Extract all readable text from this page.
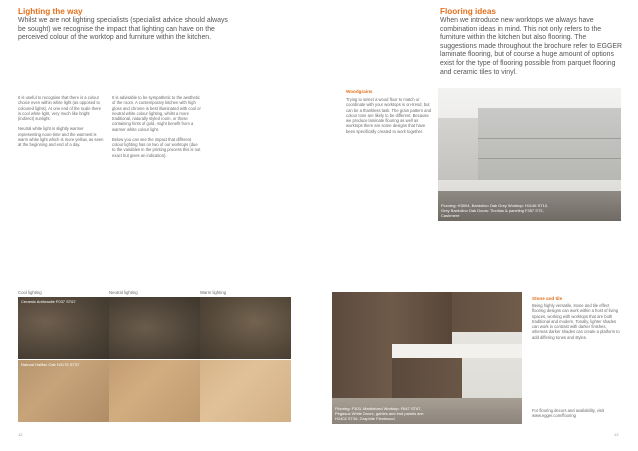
Lighting the way
Whilst we are not lighting specialists (specialist advice should always be sought) we recognise the impact that lighting can have on the perceived colour of the worktop and furniture within the kitchen.

It is useful to recognise that there is a colour choice even within white light (as opposed to coloured lights). At one end of the scale there is cool white light, very much like bright (indirect) sunlight.

Neutral white light is slightly warmer representing noon-time and the warmest is warm white light which is more yellow, as seen at the beginning and end of a day.

It is advisable to be sympathetic to the aesthetic of the room. A contemporary kitchen with high gloss and chrome is best illuminated with cool or neutral white colour lighting, whilst a more traditional, naturally styled room, or those containing hints of gold, might benefit from a warmer white colour light.

Below you can see the impact that different colour lighting has on two of our worktops (due to the variables in the printing process this is not exact but gives an indication).

Woodgrains
Trying to select a wood floor to match or coordinate with your worktops is on-trend, but can be a thankless task. The grain pattern and colour tone are likely to be different. Because we produce laminate flooring as well as worktops there are some designs that have been specifically created to work together.
Cool lighting	Neutral lighting	Warm lighting
Ceramic Anthracite F037 ST67
Natural Halifax Oak H3176 ST37
12
Flooring ideas
When we introduce new worktops we always have combination ideas in mind. This not only refers to the furniture within the kitchen but also flooring. The suggestions made throughout the brochure refer to EGGER laminate flooring, but of course a huge amount of options exist for the type of flooring possible from parquet flooring and ceramic tiles to vinyl.
Flooring: H3004, Bardolino Oak Grey Worktop: H1146 ST10, Grey Bardolino Oak Doors: Tinnitus & paneling F357 ST2, Cashmere
Flooring: F303, Marbleized Worktop: F647 ST67, Pegasus White Doors, gables and end panels are: H1402 ST36, Graphite Fleetwood
Stone and tile
Being highly versatile, stone and tile effect flooring designs can work within a host of living spaces, working with worktops that are both traditional and modern. Tonally, lighter shades can work in contrast with darker finishes, whereas darker shades can create a platform to add differing tones and styles.
For flooring decors and availability, visit www.egger.com/flooring
13
